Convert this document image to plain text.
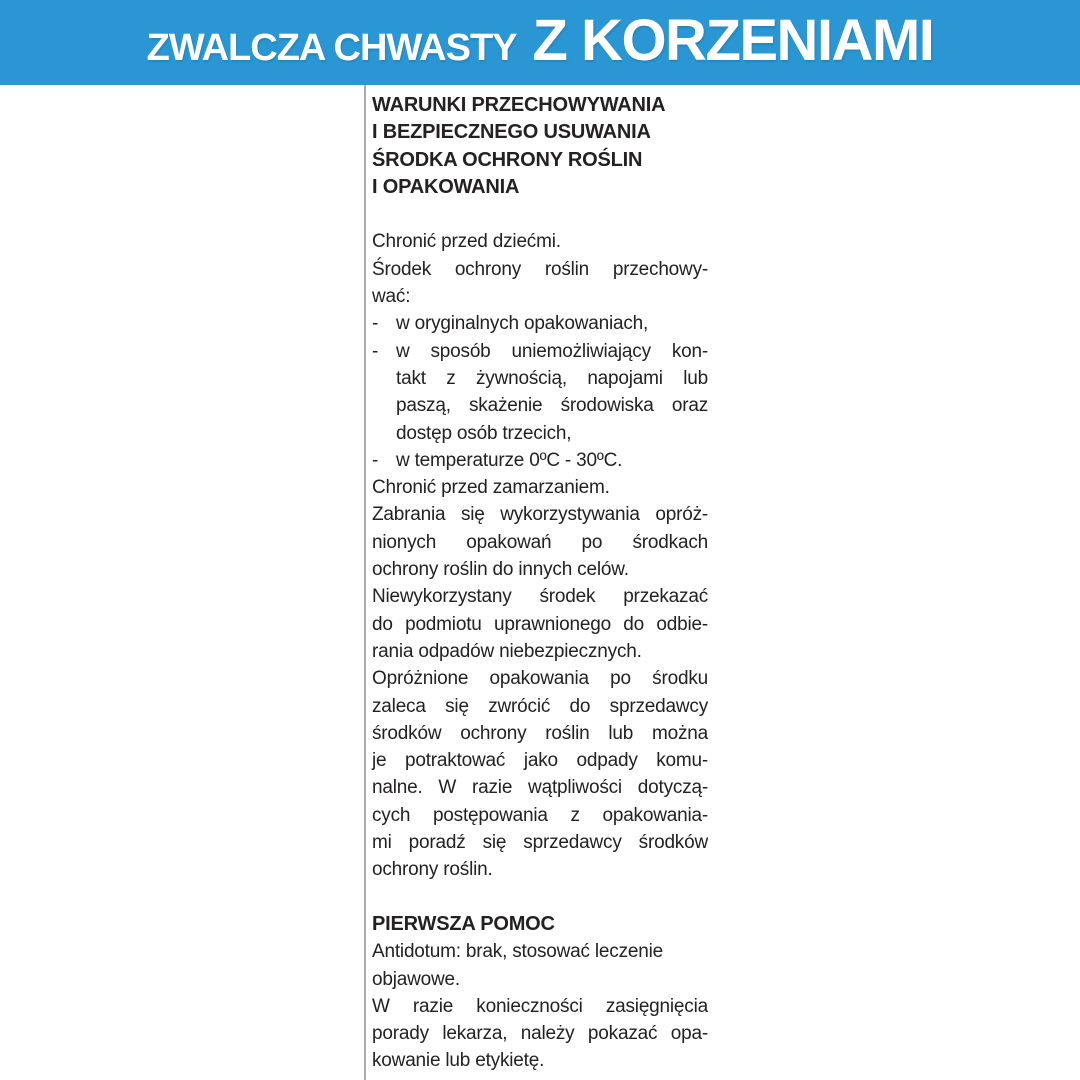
ZWALCZA CHWASTY Z KORZENIAMI
WARUNKI PRZECHOWYWANIA
I BEZPIECZNEGO USUWANIA
ŚRODKA OCHRONY ROŚLIN
I OPAKOWANIA
Chronić przed dziećmi.
Środek ochrony roślin przechowy-
wać:
- w oryginalnych opakowaniach,
- w sposób uniemożliwiający kon-
takt z żywnością, napojami lub
paszą, skażenie środowiska oraz
dostęp osób trzecich,
- w temperaturze 0ºC - 30ºC.
Chronić przed zamarzaniem.
Zabrania się wykorzystywania opróż-
nionych opakowań po środkach
ochrony roślin do innych celów.
Niewykorzystany środek przekazać
do podmiotu uprawnionego do odbie-
rania odpadów niebezpiecznych.
Opróżnione opakowania po środku
zaleca się zwrócić do sprzedawcy
środków ochrony roślin lub można
je potraktować jako odpady komu-
nalne. W razie wątpliwości dotyczą-
cych postępowania z opakowania-
mi poradź się sprzedawcy środków
ochrony roślin.
PIERWSZA POMOC
Antidotum: brak, stosować leczenie
objawowe.
W razie konieczności zasięgnięcia
porady lekarza, należy pokazać opa-
kowanie lub etykietę.
